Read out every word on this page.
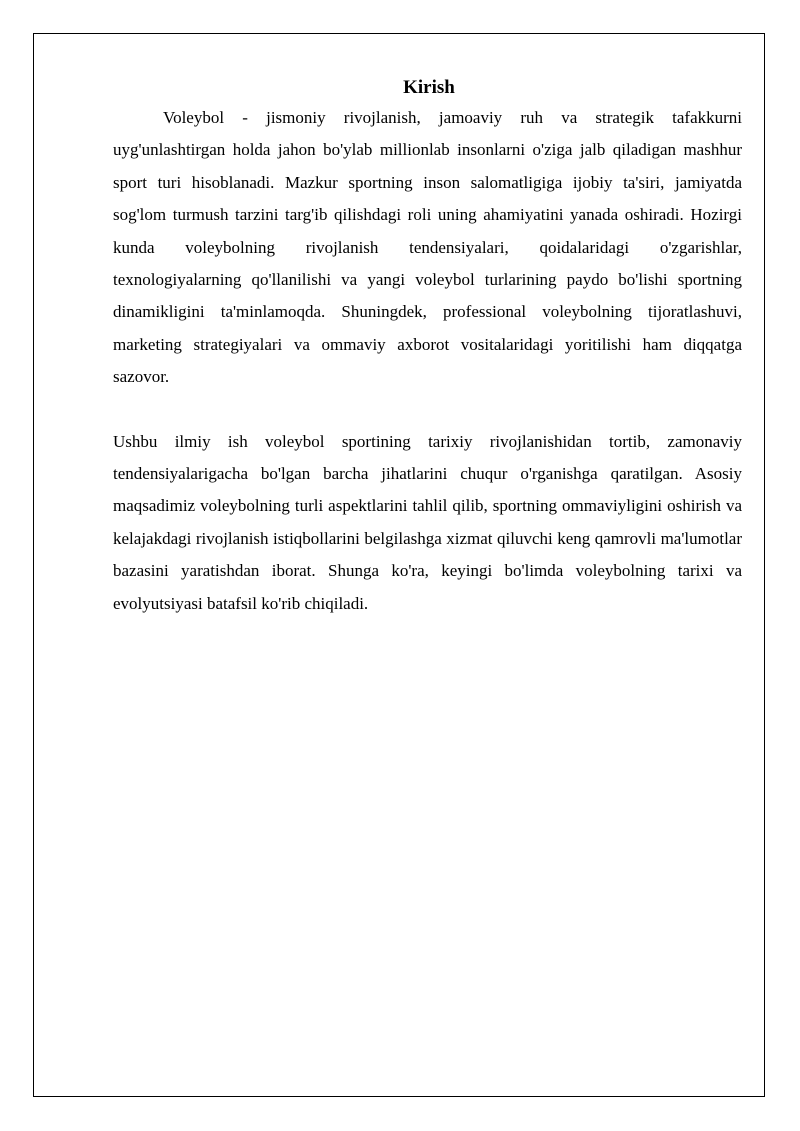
Kirish

Voleybol - jismoniy rivojlanish, jamoaviy ruh va strategik tafakkurni uyg'unlashtirgan holda jahon bo'ylab millionlab insonlarni o'ziga jalb qiladigan mashhur sport turi hisoblanadi. Mazkur sportning inson salomatligiga ijobiy ta'siri, jamiyatda sog'lom turmush tarzini targ'ib qilishdagi roli uning ahamiyatini yanada oshiradi. Hozirgi kunda voleybolning rivojlanish tendensiyalari, qoidalaridagi o'zgarishlar, texnologiyalarning qo'llanilishi va yangi voleybol turlarining paydo bo'lishi sportning dinamikligini ta'minlamoqda. Shuningdek, professional voleybolning tijoratlashuvi, marketing strategiyalari va ommaviy axborot vositalaridagi yoritilishi ham diqqatga sazovor.

Ushbu ilmiy ish voleybol sportining tarixiy rivojlanishidan tortib, zamonaviy tendensiyalarigacha bo'lgan barcha jihatlarini chuqur o'rganishga qaratilgan. Asosiy maqsadimiz voleybolning turli aspektlarini tahlil qilib, sportning ommaviyligini oshirish va kelajakdagi rivojlanish istiqbollarini belgilashga xizmat qiluvchi keng qamrovli ma'lumotlar bazasini yaratishdan iborat. Shunga ko'ra, keyingi bo'limda voleybolning tarixi va evolyutsiyasi batafsil ko'rib chiqiladi.
